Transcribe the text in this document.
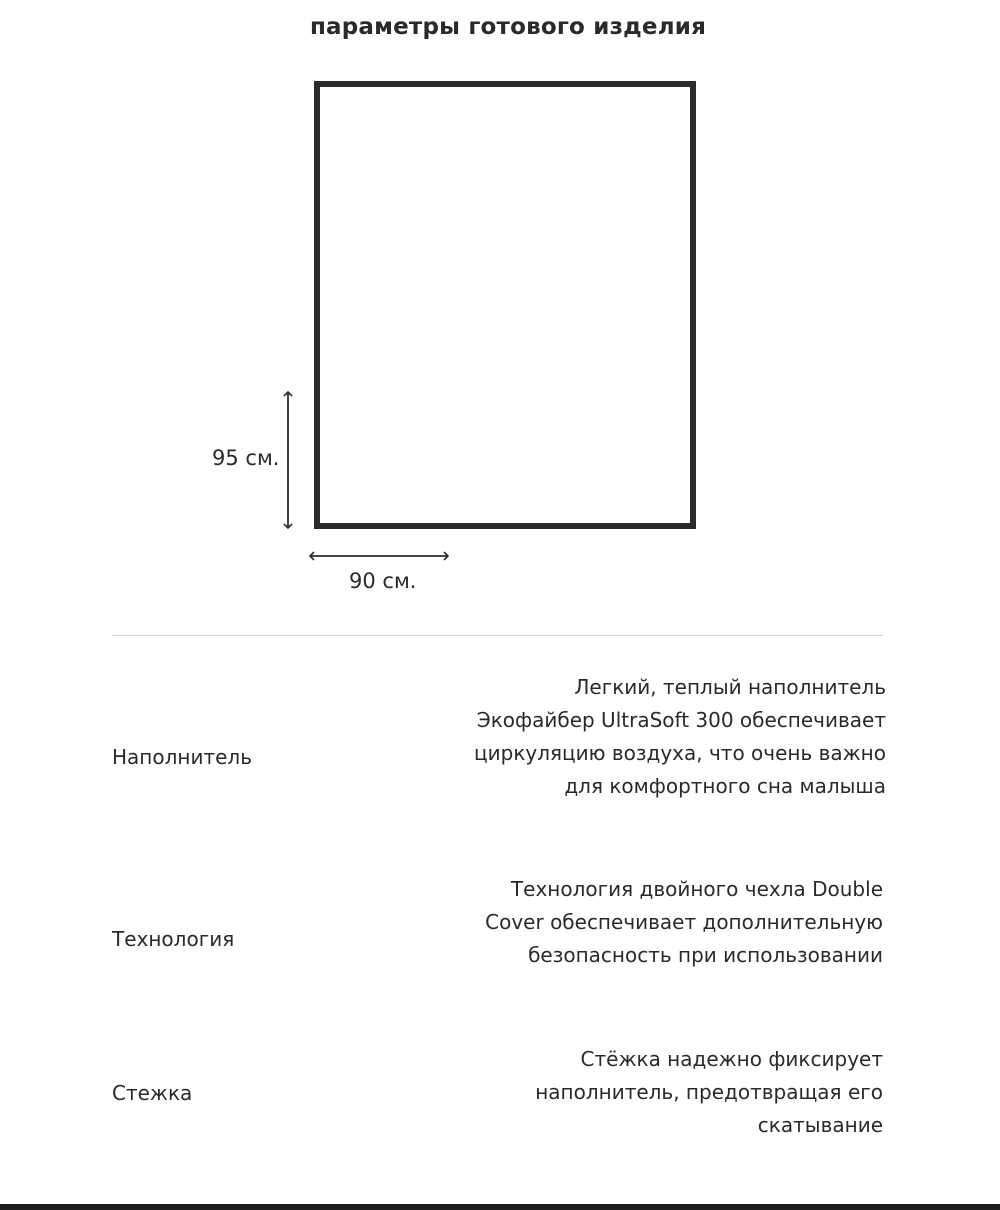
параметры готового изделия
95 см.
90 см.
Наполнитель
Легкий, теплый наполнитель Экофайбер UltraSoft 300 обеспечивает циркуляцию воздуха, что очень важно для комфортного сна малыша
Технология
Технология двойного чехла Double Cover обеспечивает дополнительную безопасность при использовании
Стежка
Стёжка надежно фиксирует наполнитель, предотвращая его скатывание
